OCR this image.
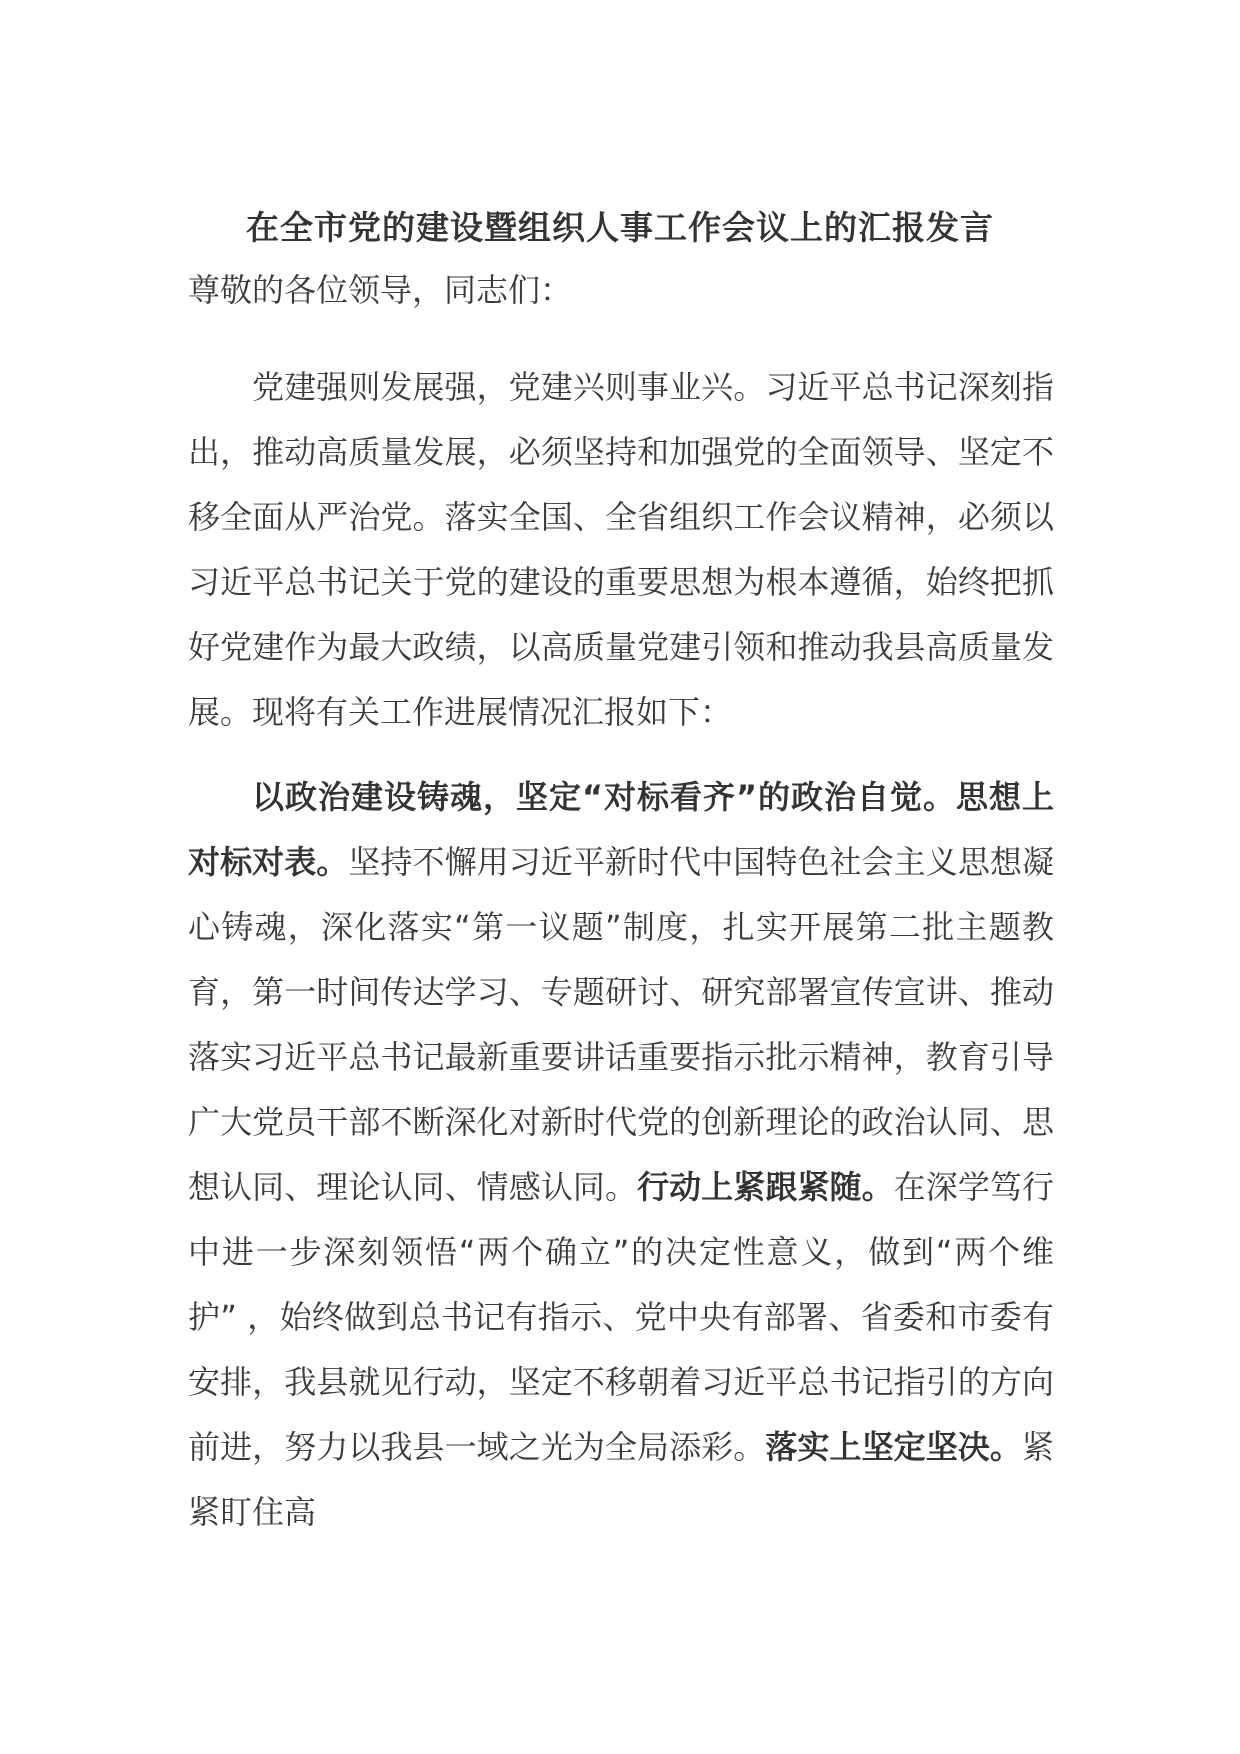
在全市党的建设暨组织人事工作会议上的汇报发言
尊敬的各位领导，同志们：

党建强则发展强，党建兴则事业兴。习近平总书记深刻指出，推动高质量发展，必须坚持和加强党的全面领导、坚定不移全面从严治党。落实全国、全省组织工作会议精神，必须以习近平总书记关于党的建设的重要思想为根本遵循，始终把抓好党建作为最大政绩，以高质量党建引领和推动我县高质量发展。现将有关工作进展情况汇报如下：

以政治建设铸魂，坚定“对标看齐”的政治自觉。思想上对标对表。坚持不懈用习近平新时代中国特色社会主义思想凝心铸魂，深化落实“第一议题”制度，扎实开展第二批主题教育，第一时间传达学习、专题研讨、研究部署宣传宣讲、推动落实习近平总书记最新重要讲话重要指示批示精神，教育引导广大党员干部不断深化对新时代党的创新理论的政治认同、思想认同、理论认同、情感认同。行动上紧跟紧随。在深学笃行中进一步深刻领悟“两个确立”的决定性意义，做到“两个维护” ，始终做到总书记有指示、党中央有部署、省委和市委有安排，我县就见行动，坚定不移朝着习近平总书记指引的方向前进，努力以我县一域之光为全局添彩。落实上坚定坚决。紧紧盯住高
